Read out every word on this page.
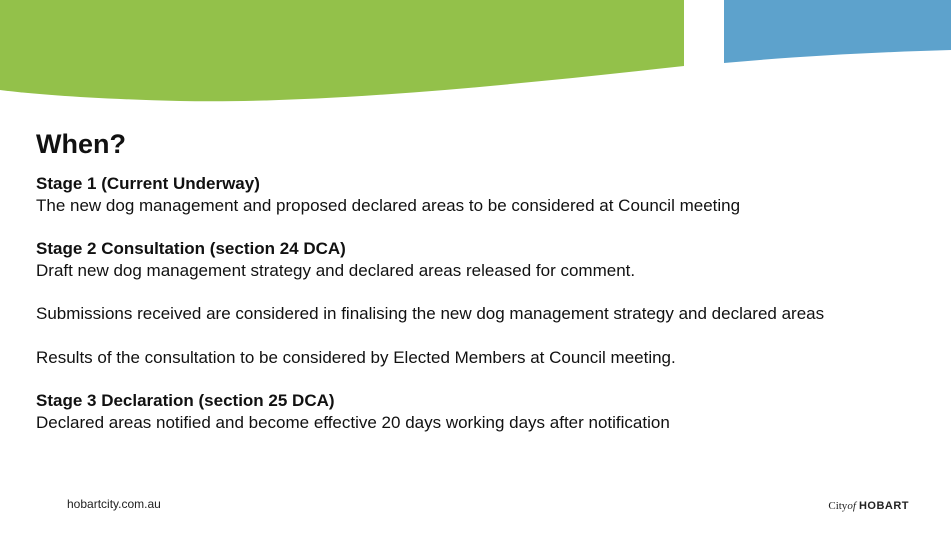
When?

Stage 1 (Current Underway)

The new dog management and proposed declared areas to be considered at Council meeting

Stage 2 Consultation (section 24 DCA)

Draft new dog management strategy and declared areas released for comment.

Submissions received are considered in finalising the new dog management strategy and declared areas

Results of the consultation to be considered by Elected Members at Council meeting.

Stage 3 Declaration (section 25 DCA)

Declared areas notified and become effective 20 days working days after notification

hobartcity.com.au	Cityof HOBART
